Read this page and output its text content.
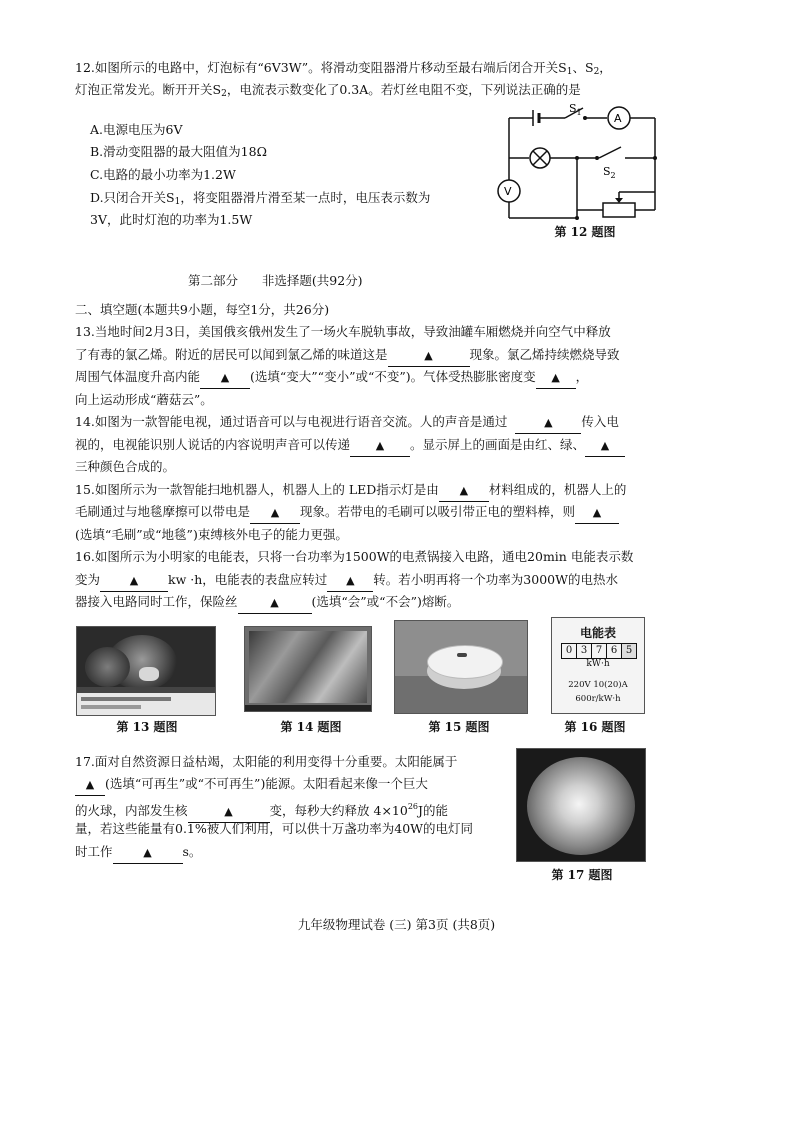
12.如图所示的电路中，灯泡标有“6V3W”。将滑动变阻器滑片移动至最右端后闭合开关$S_1$、$S_2$，
灯泡正常发光。断开开关$S_2$，电流表示数变化了0.3A。若灯丝电阻不变，下列说法正确的是
A.电源电压为6V
B.滑动变阻器的最大阻值为18Ω
C.电路的最小功率为1.2W
D.只闭合开关$S_1$，将变阻器滑片滑至某一点时，电压表示数为
3V，此时灯泡的功率为1.5W
$S_1$
$S_2$
A
V
第 12 题图
第二部分 非选择题(共92分)
二、填空题(本题共9小题，每空1分，共26分)
13.当地时间2月3日，美国俄亥俄州发生了一场火车脱轨事故，导致油罐车厢燃烧并向空气中释放
了有毒的氯乙烯。附近的居民可以闻到氯乙烯的味道这是	▲	现象。氯乙烯持续燃烧导致
周围气体温度升高内能 ▲ (选填“变大”“变小”或“不变”)。气体受热膨胀密度变 ▲ ，
向上运动形成“蘑菇云”。
14.如图为一款智能电视，通过语音可以与电视进行语音交流。人的声音是通过	▲ 传入电
视的，电视能识别人说话的内容说明声音可以传递 ▲ 。显示屏上的画面是由红、绿、 ▲
三种颜色合成的。
15.如图所示为一款智能扫地机器人，机器人上的 LED指示灯是由 ▲ 材料组成的，机器人上的
毛刷通过与地毯摩擦可以带电是 ▲ 现象。若带电的毛刷可以吸引带正电的塑料棒，则 ▲
(选填“毛刷”或“地毯”)束缚核外电子的能力更强。
16.如图所示为小明家的电能表，只将一台功率为1500W的电煮锅接入电路，通电20min 电能表示数
变为	▲ kw ·h，电能表的表盘应转过 ▲ 转。若小明再将一个功率为3000W的电热水
器接入电路同时工作，保险丝	▲	(选填“会”或“不会”)熔断。
第 13 题图	第 14 题图	第 15 题图
电能表
0 3 7 6 5
kW·h
220V 10(20)A
600r/kW·h
第 16 题图
17.面对自然资源日益枯竭，太阳能的利用变得十分重要。太阳能属于
▲ (选填“可再生”或“不可再生”)能源。太阳看起来像一个巨大
的火球，内部发生核	▲	变，每秒大约释放 $4\times 10^{26}J$的能
量，若这些能量有0.1%被人们利用，可以供十万盏功率为40W的电灯同
时工作	▲ s。
第 17 题图
九年级物理试卷 (三) 第3页 (共8页)
